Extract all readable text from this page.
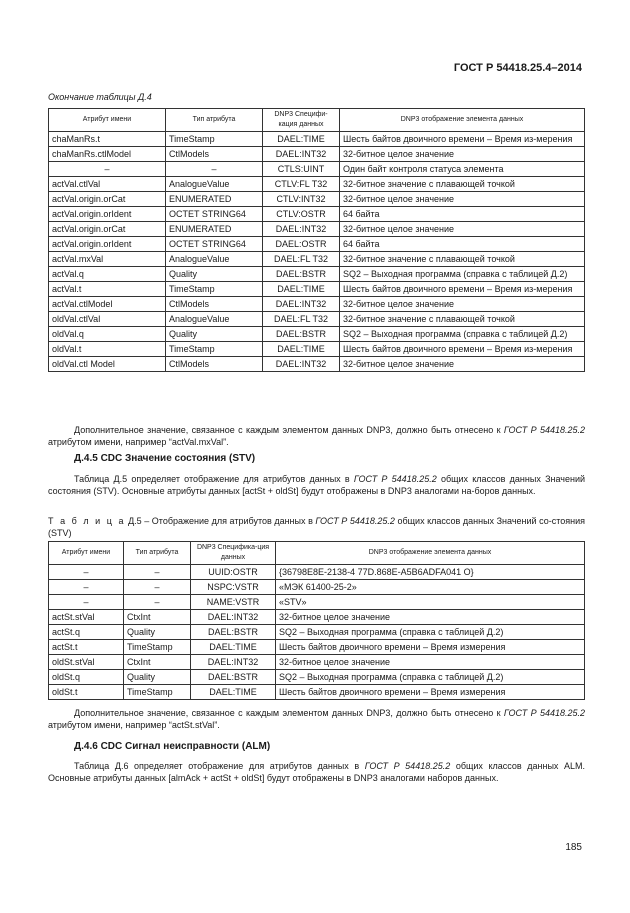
ГОСТ Р 54418.25.4–2014
Окончание таблицы Д.4
Атрибут имени	Тип атрибута	DNP3 Специфи-кация данных	DNP3 отображение элемента данных
chaManRs.t	TimeStamp	DAEL:TIME	Шесть байтов двоичного времени – Время из-мерения
chaManRs.ctlModel	CtlModels	DAEL:INT32	32-битное целое значение
–	–	CTLS:UINT	Один байт контроля статуса элемента
actVal.ctlVal	AnalogueValue	CTLV:FL T32	32-битное значение с плавающей точкой
actVal.origin.orCat	ENUMERATED	CTLV:INT32	32-битное целое значение
actVal.origin.orIdent	OCTET STRING64	CTLV:OSTR	64 байта
actVal.origin.orCat	ENUMERATED	DAEL:INT32	32-битное целое значение
actVal.origin.orIdent	OCTET STRING64	DAEL:OSTR	64 байта
actVal.mxVal	AnalogueValue	DAEL:FL T32	32-битное значение с плавающей точкой
actVal.q	Quality	DAEL:BSTR	SQ2 – Выходная программа (справка с таблицей Д.2)
actVal.t	TimeStamp	DAEL:TIME	Шесть байтов двоичного времени – Время из-мерения
actVal.ctlModel	CtlModels	DAEL:INT32	32-битное целое значение
oldVal.ctlVal	AnalogueValue	DAEL:FL T32	32-битное значение с плавающей точкой
oldVal.q	Quality	DAEL:BSTR	SQ2 – Выходная программа (справка с таблицей Д.2)
oldVal.t	TimeStamp	DAEL:TIME	Шесть байтов двоичного времени – Время из-мерения
oldVal.ctl Model	CtlModels	DAEL:INT32	32-битное целое значение

Дополнительное значение, связанное с каждым элементом данных DNP3, должно быть отнесено к ГОСТ Р 54418.25.2 атрибутом имени, например “actVal.mxVal”.

Д.4.5 CDC Значение состояния (STV)

Таблица Д.5 определяет отображение для атрибутов данных в ГОСТ Р 54418.25.2 общих классов данных Значений состояния (STV). Основные атрибуты данных [actSt + oldSt] будут отображены в DNP3 аналогами на-боров данных.

Т а б л и ц а Д.5 – Отображение для атрибутов данных в ГОСТ Р 54418.25.2 общих классов данных Значений со-стояния (STV)

Атрибут имени	Тип атрибута	DNP3 Специфика-ция данных	DNP3 отображение элемента данных
–	–	UUID:OSTR	{36798E8E-2138-4 77D.868E-A5B6ADFA041 O}
–	–	NSPC:VSTR	«МЭК 61400-25-2»
–	–	NAME:VSTR	«STV»
actSt.stVal	CtxInt	DAEL:INT32	32-битное целое значение
actSt.q	Quality	DAEL:BSTR	SQ2 – Выходная программа (справка с таблицей Д.2)
actSt.t	TimeStamp	DAEL:TIME	Шесть байтов двоичного времени – Время измерения
oldSt.stVal	CtxInt	DAEL:INT32	32-битное целое значение
oldSt.q	Quality	DAEL:BSTR	SQ2 – Выходная программа (справка с таблицей Д.2)
oldSt.t	TimeStamp	DAEL:TIME	Шесть байтов двоичного времени – Время измерения

Дополнительное значение, связанное с каждым элементом данных DNP3, должно быть отнесено к ГОСТ Р 54418.25.2 атрибутом имени, например “actSt.stVal”.

Д.4.6 CDC Сигнал неисправности (ALM)

Таблица Д.6 определяет отображение для атрибутов данных в ГОСТ Р 54418.25.2 общих классов данных ALM. Основные атрибуты данных [almAck + actSt + oldSt] будут отображены в DNP3 аналогами наборов данных.

185
